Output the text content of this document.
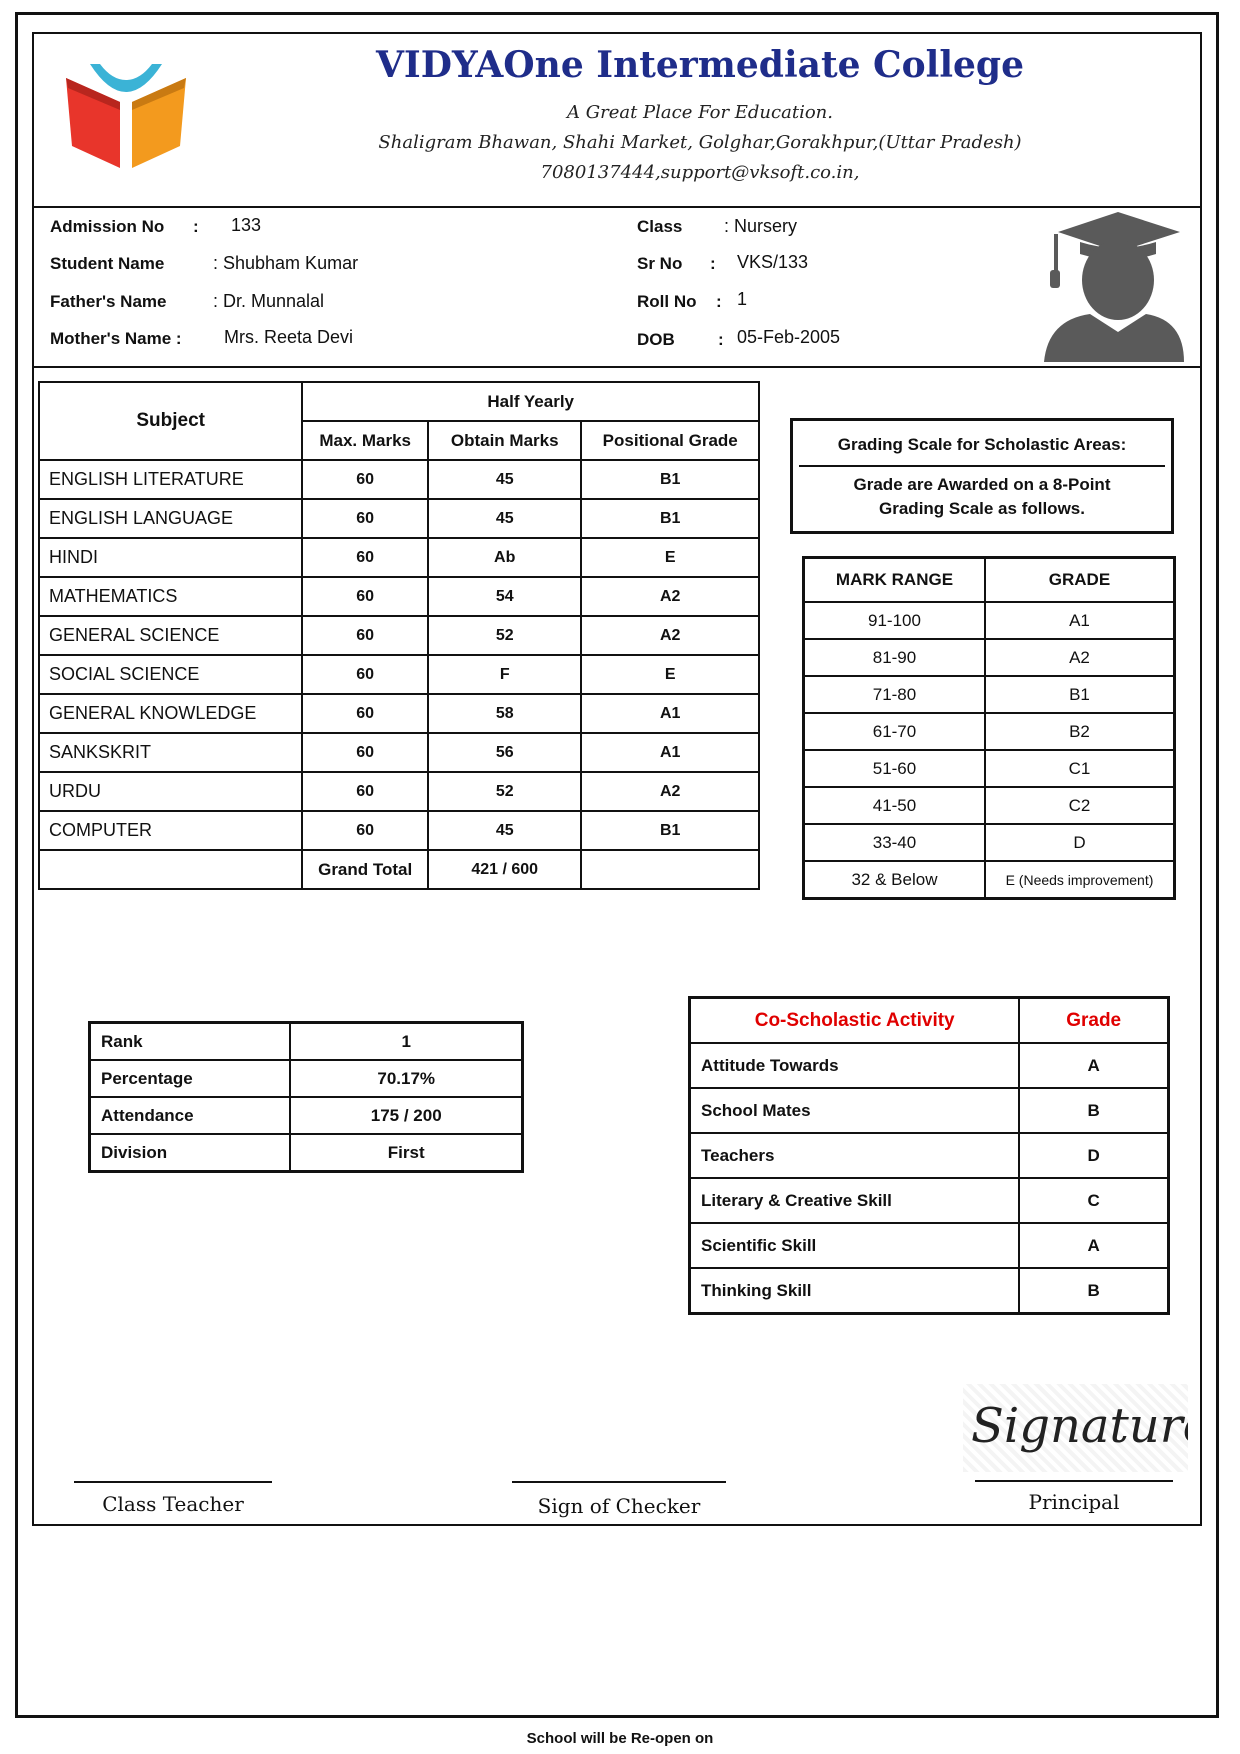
VIDYAOne Intermediate College
A Great Place For Education.
Shaligram Bhawan, Shahi Market, Golghar,Gorakhpur,(Uttar Pradesh)
7080137444,support@vksoft.co.in,
Admission No : 133
Student Name	: Shubham Kumar
Father's Name	: Dr. Munnalal
Mother's Name : Mrs. Reeta Devi
Class : Nursery
Sr No : VKS/133
Roll No : 1
DOB	: 05-Feb-2005
Subject	Half Yearly		
	Max. Marks	Obtain Marks	Positional Grade
ENGLISH LITERATURE	60	45	B1
ENGLISH LANGUAGE	60	45	B1
HINDI	60	Ab	E
MATHEMATICS	60	54	A2
GENERAL SCIENCE	60	52	A2
SOCIAL SCIENCE	60	F	E
GENERAL KNOWLEDGE	60	58	A1
SANKSKRIT	60	56	A1
URDU	60	52	A2
COMPUTER	60	45	B1
	Grand Total	421 / 600	
Grading Scale for Scholastic Areas:
Grade are Awarded on a 8-Point
Grading Scale as follows.
MARK RANGE	GRADE
91-100	A1
81-90	A2
71-80	B1
61-70	B2
51-60	C1
41-50	C2
33-40	D
32 & Below	E (Needs improvement)
Rank	1
Percentage	70.17%
Attendance	175 / 200
Division	First
Co-Scholastic Activity	Grade
Attitude Towards	A
School Mates	B
Teachers	D
Literary & Creative Skill	C
Scientific Skill	A
Thinking Skill	B
Signature
Class Teacher	Sign of Checker	Principal
School will be Re-open on
